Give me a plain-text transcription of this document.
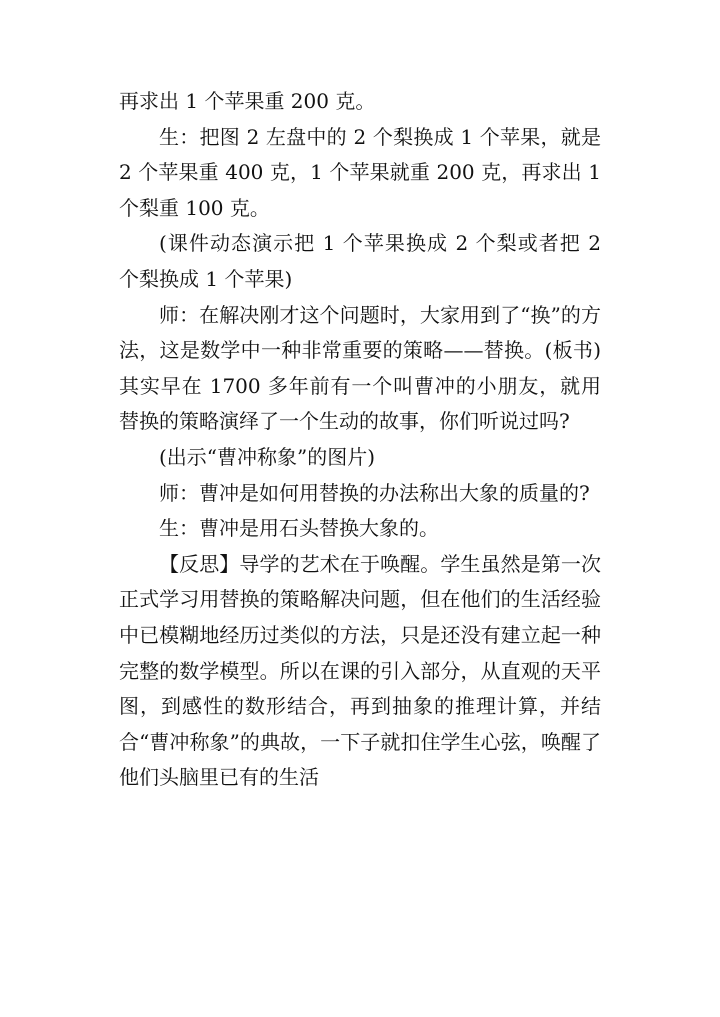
再求出 1 个苹果重 200 克。

生：把图 2 左盘中的 2 个梨换成 1 个苹果，就是 2 个苹果重 400 克，1 个苹果就重 200 克，再求出 1 个梨重 100 克。

(课件动态演示把 1 个苹果换成 2 个梨或者把 2 个梨换成 1 个苹果)

师：在解决刚才这个问题时，大家用到了“换”的方法，这是数学中一种非常重要的策略——替换。(板书)其实早在 1700 多年前有一个叫曹冲的小朋友，就用替换的策略演绎了一个生动的故事，你们听说过吗?

(出示“曹冲称象”的图片)

师：曹冲是如何用替换的办法称出大象的质量的?

生：曹冲是用石头替换大象的。

【反思】导学的艺术在于唤醒。学生虽然是第一次正式学习用替换的策略解决问题，但在他们的生活经验中已模糊地经历过类似的方法，只是还没有建立起一种完整的数学模型。所以在课的引入部分，从直观的天平图，到感性的数形结合，再到抽象的推理计算，并结合“曹冲称象”的典故，一下子就扣住学生心弦，唤醒了他们头脑里已有的生活
